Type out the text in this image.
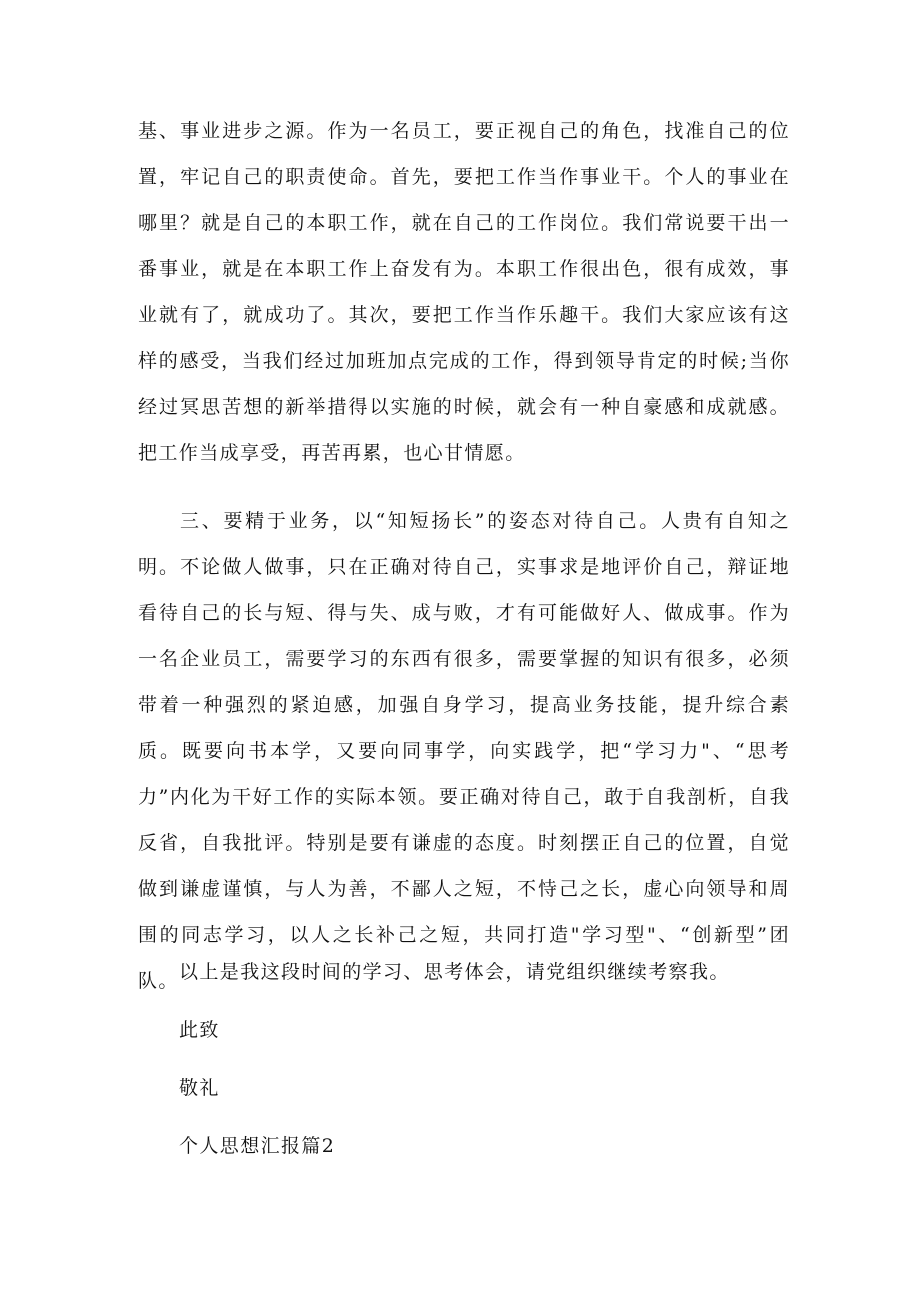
基、事业进步之源。作为一名员工，要正视自己的角色，找准自己的位置，牢记自己的职责使命。首先，要把工作当作事业干。个人的事业在哪里？就是自己的本职工作，就在自己的工作岗位。我们常说要干出一番事业，就是在本职工作上奋发有为。本职工作很出色，很有成效，事业就有了，就成功了。其次，要把工作当作乐趣干。我们大家应该有这样的感受，当我们经过加班加点完成的工作，得到领导肯定的时候;当你经过冥思苦想的新举措得以实施的时候，就会有一种自豪感和成就感。把工作当成享受，再苦再累，也心甘情愿。

三、要精于业务，以“知短扬长”的姿态对待自己。人贵有自知之明。不论做人做事，只在正确对待自己，实事求是地评价自己，辩证地看待自己的长与短、得与失、成与败，才有可能做好人、做成事。作为一名企业员工，需要学习的东西有很多，需要掌握的知识有很多，必须带着一种强烈的紧迫感，加强自身学习，提高业务技能，提升综合素质。既要向书本学，又要向同事学，向实践学，把“学习力"、“思考力”内化为干好工作的实际本领。要正确对待自己，敢于自我剖析，自我反省，自我批评。特别是要有谦虚的态度。时刻摆正自己的位置，自觉做到谦虚谨慎，与人为善，不鄙人之短，不恃己之长，虚心向领导和周围的同志学习，以人之长补己之短，共同打造"学习型"、“创新型”团队。 以上是我这段时间的学习、思考体会，请党组织继续考察我。

此致

敬礼

个人思想汇报篇2
